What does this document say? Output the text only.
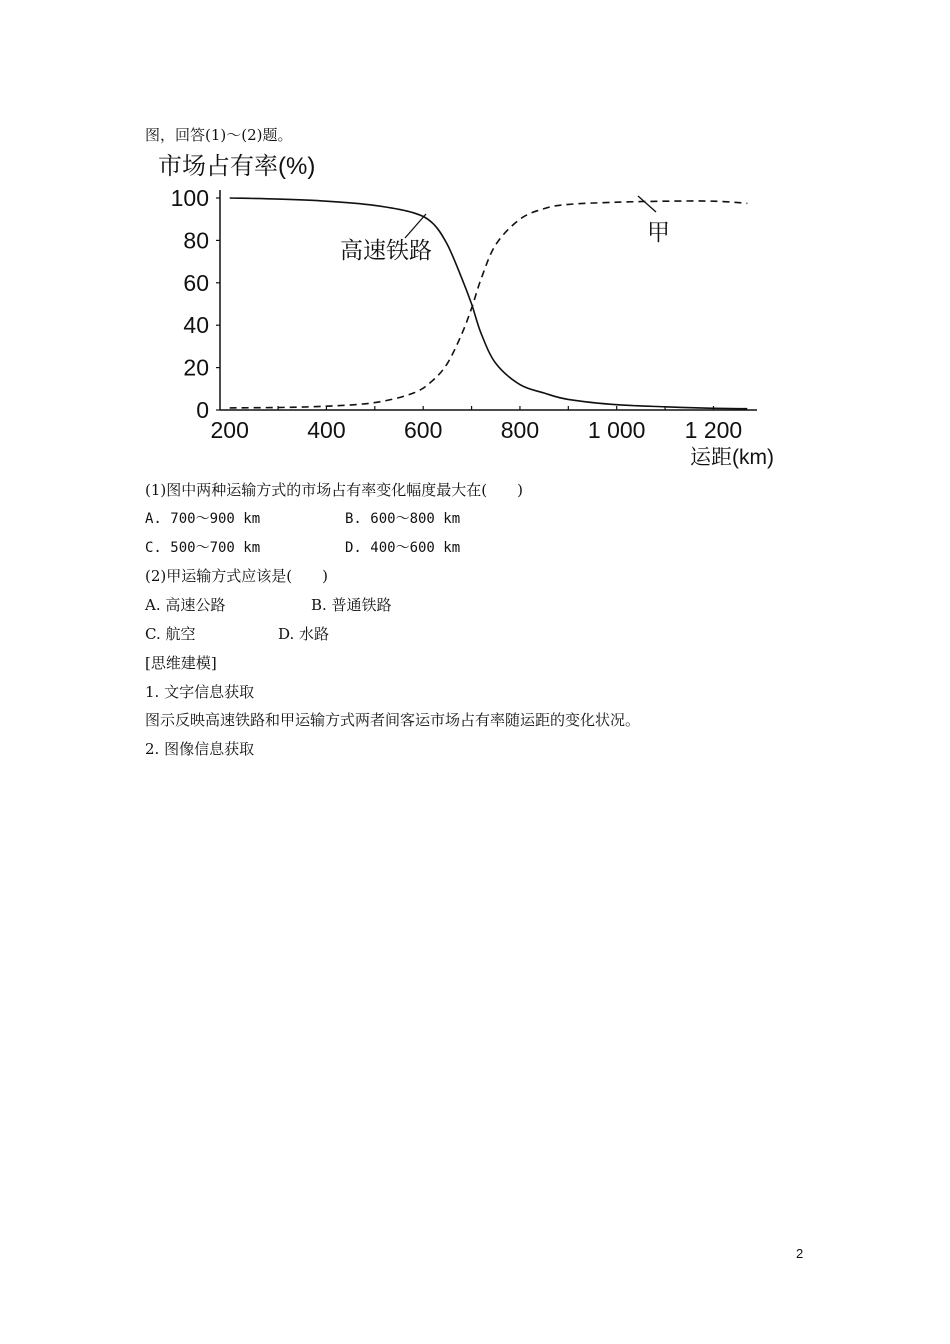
图，回答(1)～(2)题。
市场占有率(%)
0
20
40
60
80
100
200	400	600	800 1 000 1 200
高速铁路
甲
运距(km)
(1)图中两种运输方式的市场占有率变化幅度最大在(　　)
A. 700～900 km	B. 600～800 km
C. 500～700 km	D. 400～600 km
(2)甲运输方式应该是(　　)
A. 高速公路	B. 普通铁路
C. 航空	D. 水路
[思维建模]
1. 文字信息获取
图示反映高速铁路和甲运输方式两者间客运市场占有率随运距的变化状况。
2. 图像信息获取
2
